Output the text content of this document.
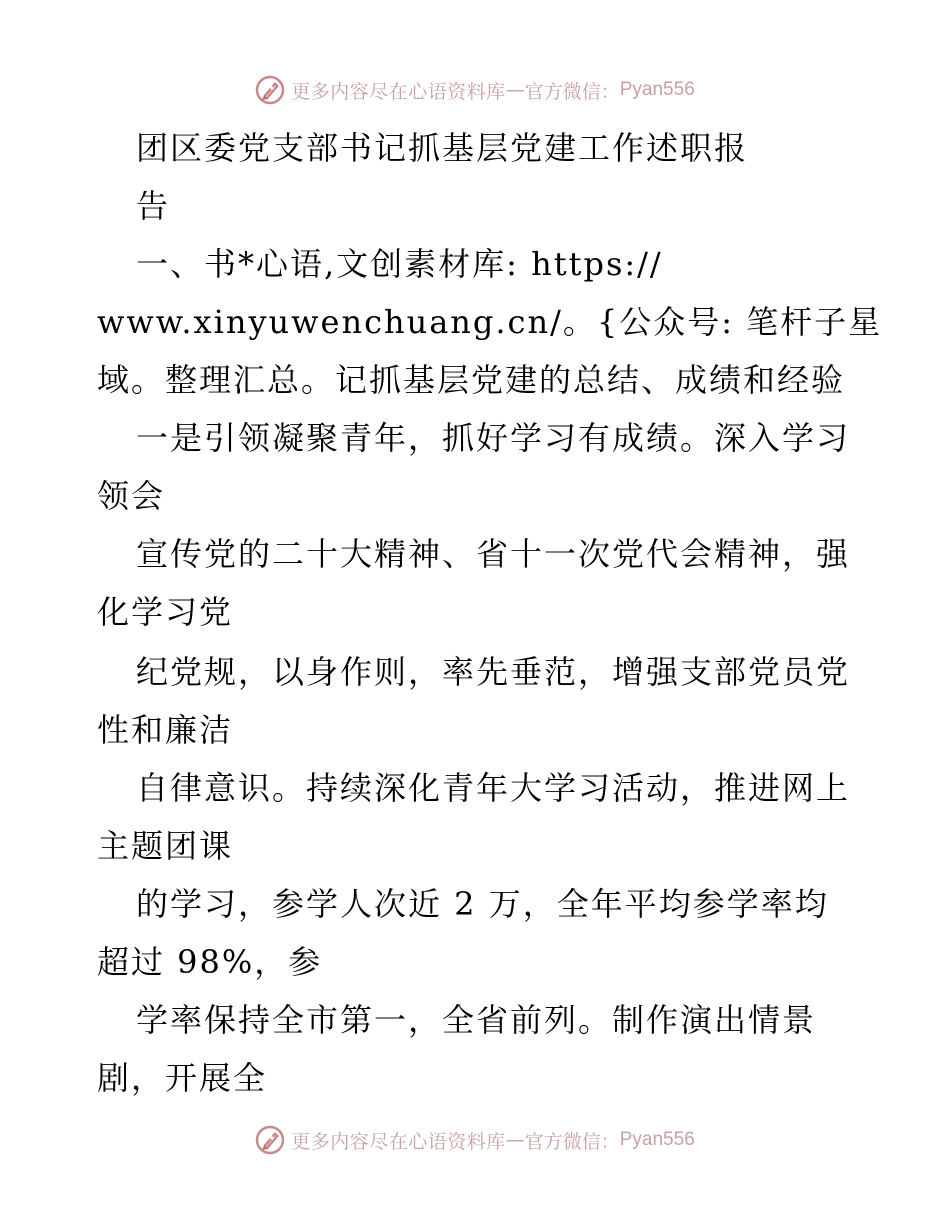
更多内容尽在心语资料库 — 官方微信： Pyan556
团区委党支部书记抓基层党建工作述职报
告
一、书*心语,文创素材库: https://
www.xinyuwenchuang.cn/。{公众号: 笔杆子星
域。整理汇总。记抓基层党建的总结、成绩和经验
一是引领凝聚青年，抓好学习有成绩。深入学习
领会
宣传党的二十大精神、省十一次党代会精神，强
化学习党
纪党规，以身作则，率先垂范，增强支部党员党
性和廉洁
自律意识。持续深化青年大学习活动，推进网上
主题团课
的学习，参学人次近 2 万，全年平均参学率均
超过 98%，参
学率保持全市第一，全省前列。制作演出情景
剧，开展全
更多内容尽在心语资料库 — 官方微信： Pyan556
